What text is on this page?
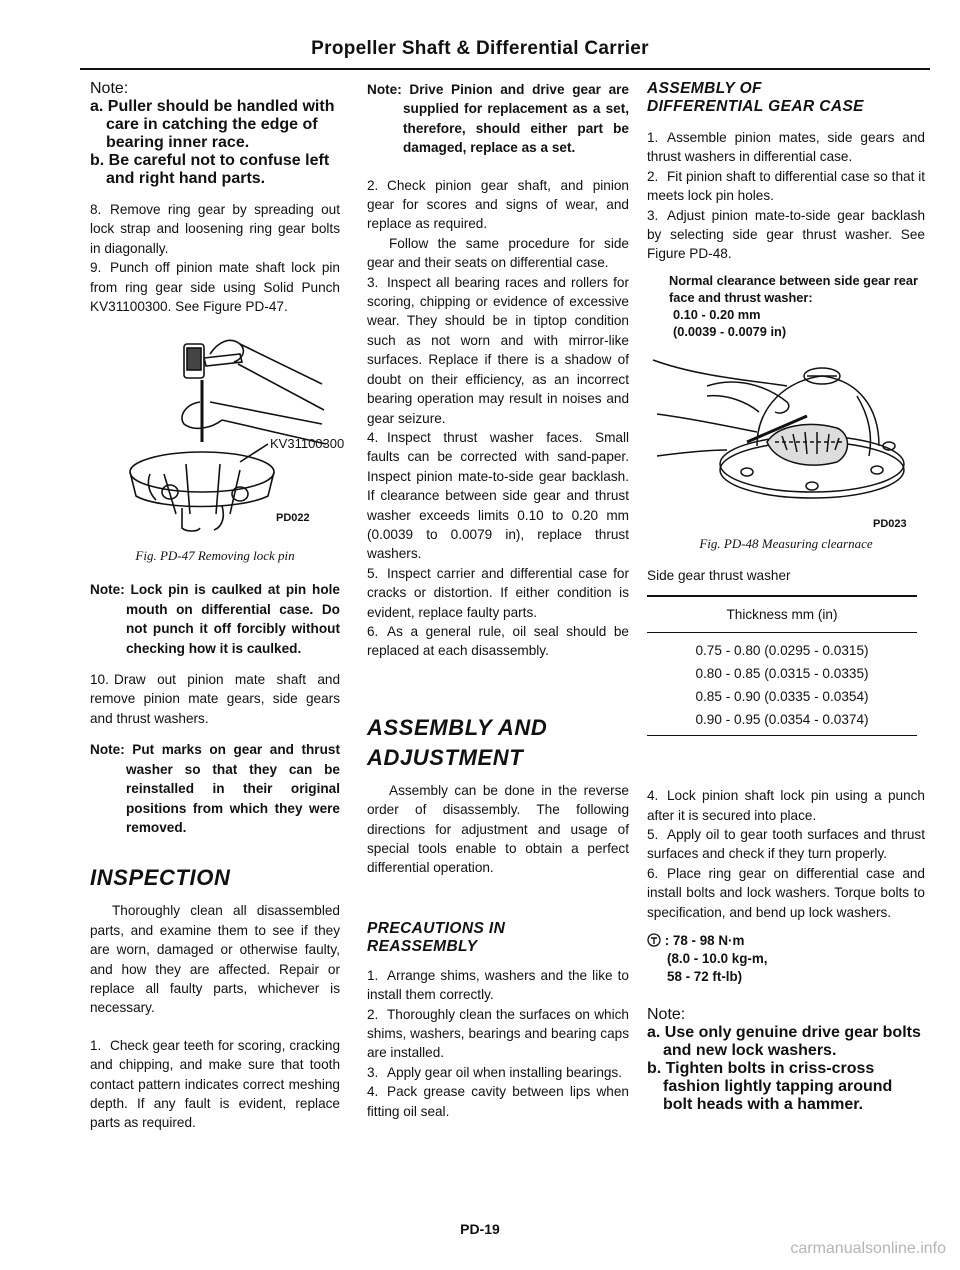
Propeller Shaft & Differential Carrier
Note:
a. Puller should be handled with care in catching the edge of bearing inner race.
b. Be careful not to confuse left and right hand parts.

8. Remove ring gear by spreading out lock strap and loosening ring gear bolts in diagonally.

9. Punch off pinion mate shaft lock pin from ring gear side using Solid Punch KV31100300. See Figure PD-47.

KV31100300
PD022
Fig. PD-47 Removing lock pin

Note: Lock pin is caulked at pin hole mouth on differential case. Do not punch it off forcibly without checking how it is caulked.

10. Draw out pinion mate shaft and remove pinion mate gears, side gears and thrust washers.

Note: Put marks on gear and thrust washer so that they can be reinstalled in their original positions from which they were removed.

INSPECTION

Thoroughly clean all disassembled parts, and examine them to see if they are worn, damaged or otherwise faulty, and how they are affected. Repair or replace all faulty parts, whichever is necessary.

1. Check gear teeth for scoring, cracking and chipping, and make sure that tooth contact pattern indicates correct meshing depth. If any fault is evident, replace parts as required.

Note: Drive Pinion and drive gear are supplied for replacement as a set, therefore, should either part be damaged, replace as a set.

2. Check pinion gear shaft, and pinion gear for scores and signs of wear, and replace as required.

Follow the same procedure for side gear and their seats on differential case.

3. Inspect all bearing races and rollers for scoring, chipping or evidence of excessive wear. They should be in tiptop condition such as not worn and with mirror-like surfaces. Replace if there is a shadow of doubt on their efficiency, as an incorrect bearing operation may result in noises and gear seizure.

4. Inspect thrust washer faces. Small faults can be corrected with sand-paper. Inspect pinion mate-to-side gear backlash. If clearance between side gear and thrust washer exceeds limits 0.10 to 0.20 mm (0.0039 to 0.0079 in), replace thrust washers.

5. Inspect carrier and differential case for cracks or distortion. If either condition is evident, replace faulty parts.

6. As a general rule, oil seal should be replaced at each disassembly.

ASSEMBLY AND
ADJUSTMENT

Assembly can be done in the reverse order of disassembly. The following directions for adjustment and usage of special tools enable to obtain a perfect differential operation.

PRECAUTIONS IN
REASSEMBLY

1. Arrange shims, washers and the like to install them correctly.

2. Thoroughly clean the surfaces on which shims, washers, bearings and bearing caps are installed.

3. Apply gear oil when installing bearings.

4. Pack grease cavity between lips when fitting oil seal.

ASSEMBLY OF
DIFFERENTIAL GEAR CASE

1. Assemble pinion mates, side gears and thrust washers in differential case.

2. Fit pinion shaft to differential case so that it meets lock pin holes.

3. Adjust pinion mate-to-side gear backlash by selecting side gear thrust washer. See Figure PD-48.

Normal clearance between side gear rear face and thrust washer:
0.10 - 0.20 mm
(0.0039 - 0.0079 in)
PD023
Fig. PD-48 Measuring clearnace

Side gear thrust washer

Thickness mm (in)
0.75 - 0.80 (0.0295 - 0.0315)
0.80 - 0.85 (0.0315 - 0.0335)
0.85 - 0.90 (0.0335 - 0.0354)
0.90 - 0.95 (0.0354 - 0.0374)

4. Lock pinion shaft lock pin using a punch after it is secured into place.

5. Apply oil to gear tooth surfaces and thrust surfaces and check if they turn properly.

6. Place ring gear on differential case and install bolts and lock washers. Torque bolts to specification, and bend up lock washers.

: 78 - 98 N·m
(8.0 - 10.0 kg-m,
58 - 72 ft-lb)
Note:
a. Use only genuine drive gear bolts and new lock washers.
b. Tighten bolts in criss-cross fashion lightly tapping around bolt heads with a hammer.
PD-19
carmanualsonline.info
